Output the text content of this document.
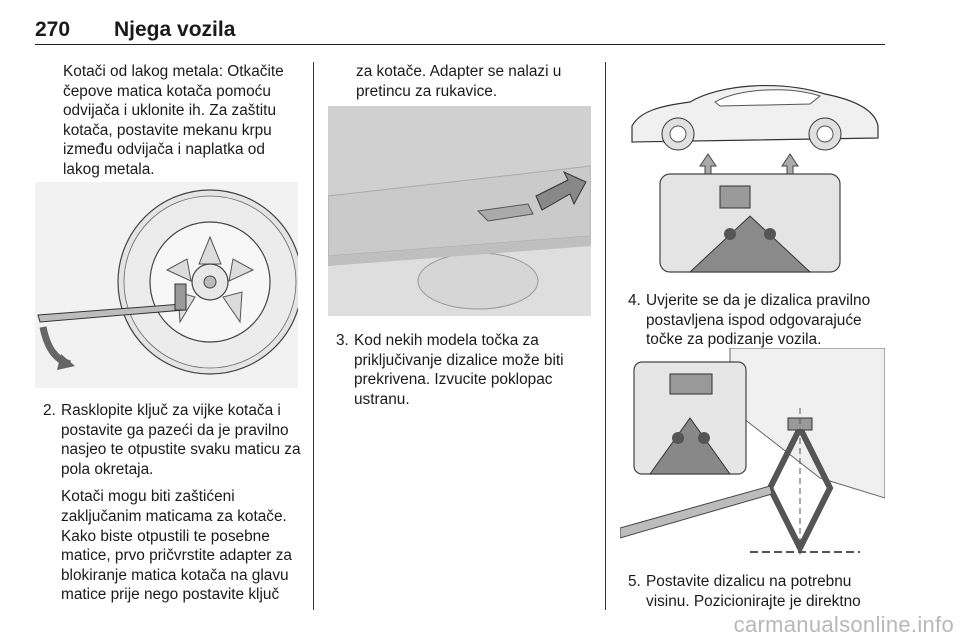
270 Njega vozila

Kotači od lakog metala: Otkačite čepove matica kotača pomoću odvijača i uklonite ih. Za zaštitu kotača, postavite mekanu krpu između odvijača i naplatka od lakog metala.

2. Rasklopite ključ za vijke kotača i postavite ga pazeći da je pravilno nasjeo te otpustite svaku maticu za pola okretaja.

Kotači mogu biti zaštićeni zaključanim maticama za kotače. Kako biste otpustili te posebne matice, prvo pričvrstite adapter za blokiranje matica kotača na glavu matice prije nego postavite ključ

za kotače. Adapter se nalazi u pretincu za rukavice.

3. Kod nekih modela točka za priključivanje dizalice može biti prekrivena. Izvucite poklopac ustranu.

4. Uvjerite se da je dizalica pravilno postavljena ispod odgovarajuće točke za podizanje vozila.

5. Postavite dizalicu na potrebnu visinu. Pozicionirajte je direktno

carmanualsonline.info
